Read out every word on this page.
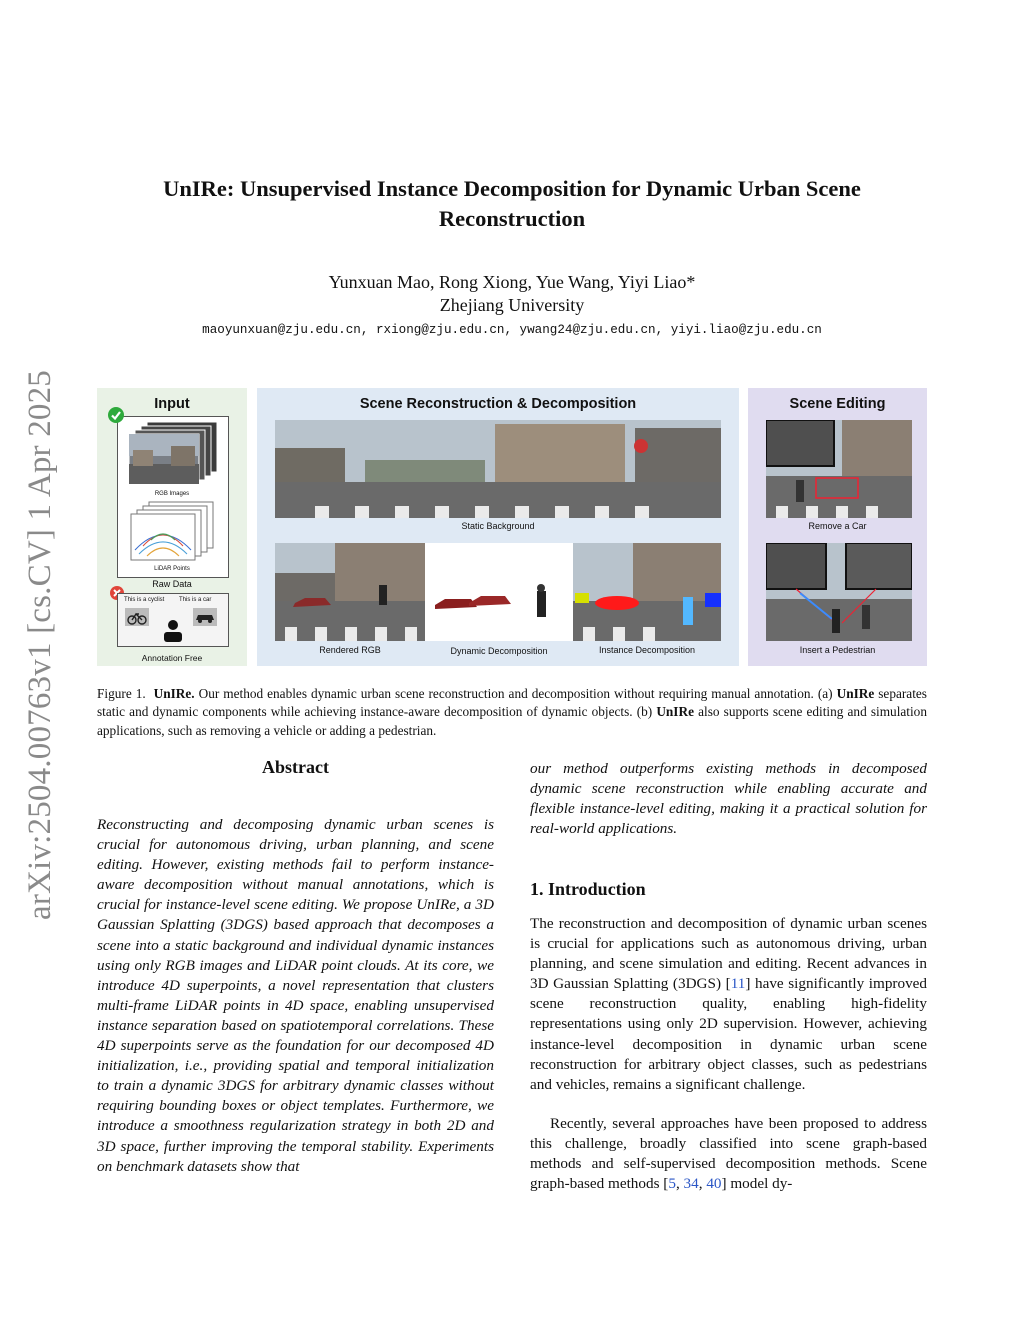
arXiv:2504.00763v1 [cs.CV] 1 Apr 2025
UnIRe: Unsupervised Instance Decomposition for Dynamic Urban Scene
Reconstruction
Yunxuan Mao, Rong Xiong, Yue Wang, Yiyi Liao*
Zhejiang University
maoyunxuan@zju.edu.cn, rxiong@zju.edu.cn, ywang24@zju.edu.cn, yiyi.liao@zju.edu.cn
Input
RGB Images
LiDAR Points
Raw Data
This is a cyclist This is a car
Annotation Free
Scene Reconstruction & Decomposition
Static Background
Rendered RGB	Dynamic Decomposition	Instance Decomposition
Scene Editing
Remove a Car
Insert a Pedestrian
Figure 1. UnIRe. Our method enables dynamic urban scene reconstruction and decomposition without requiring manual annotation. (a) UnIRe separates static and dynamic components while achieving instance-aware decomposition of dynamic objects. (b) UnIRe also supports scene editing and simulation applications, such as removing a vehicle or adding a pedestrian.
Abstract
Reconstructing and decomposing dynamic urban scenes is crucial for autonomous driving, urban planning, and scene editing. However, existing methods fail to perform instance-aware decomposition without manual annotations, which is crucial for instance-level scene editing. We propose UnIRe, a 3D Gaussian Splatting (3DGS) based approach that decomposes a scene into a static background and individual dynamic instances using only RGB images and LiDAR point clouds. At its core, we introduce 4D superpoints, a novel representation that clusters multi-frame LiDAR points in 4D space, enabling unsupervised instance separation based on spatiotemporal correlations. These 4D superpoints serve as the foundation for our decomposed 4D initialization, i.e., providing spatial and temporal initialization to train a dynamic 3DGS for arbitrary dynamic classes without requiring bounding boxes or object templates. Furthermore, we introduce a smoothness regularization strategy in both 2D and 3D space, further improving the temporal stability. Experiments on benchmark datasets show that
our method outperforms existing methods in decomposed dynamic scene reconstruction while enabling accurate and flexible instance-level editing, making it a practical solution for real-world applications.
1. Introduction
The reconstruction and decomposition of dynamic urban scenes is crucial for applications such as autonomous driving, urban planning, and scene simulation and editing. Recent advances in 3D Gaussian Splatting (3DGS) [11] have significantly improved scene reconstruction quality, enabling high-fidelity representations using only 2D supervision. However, achieving instance-level decomposition in dynamic urban scene reconstruction for arbitrary object classes, such as pedestrians and vehicles, remains a significant challenge.
Recently, several approaches have been proposed to address this challenge, broadly classified into scene graph-based methods and self-supervised decomposition methods. Scene graph-based methods [5, 34, 40] model dy-
